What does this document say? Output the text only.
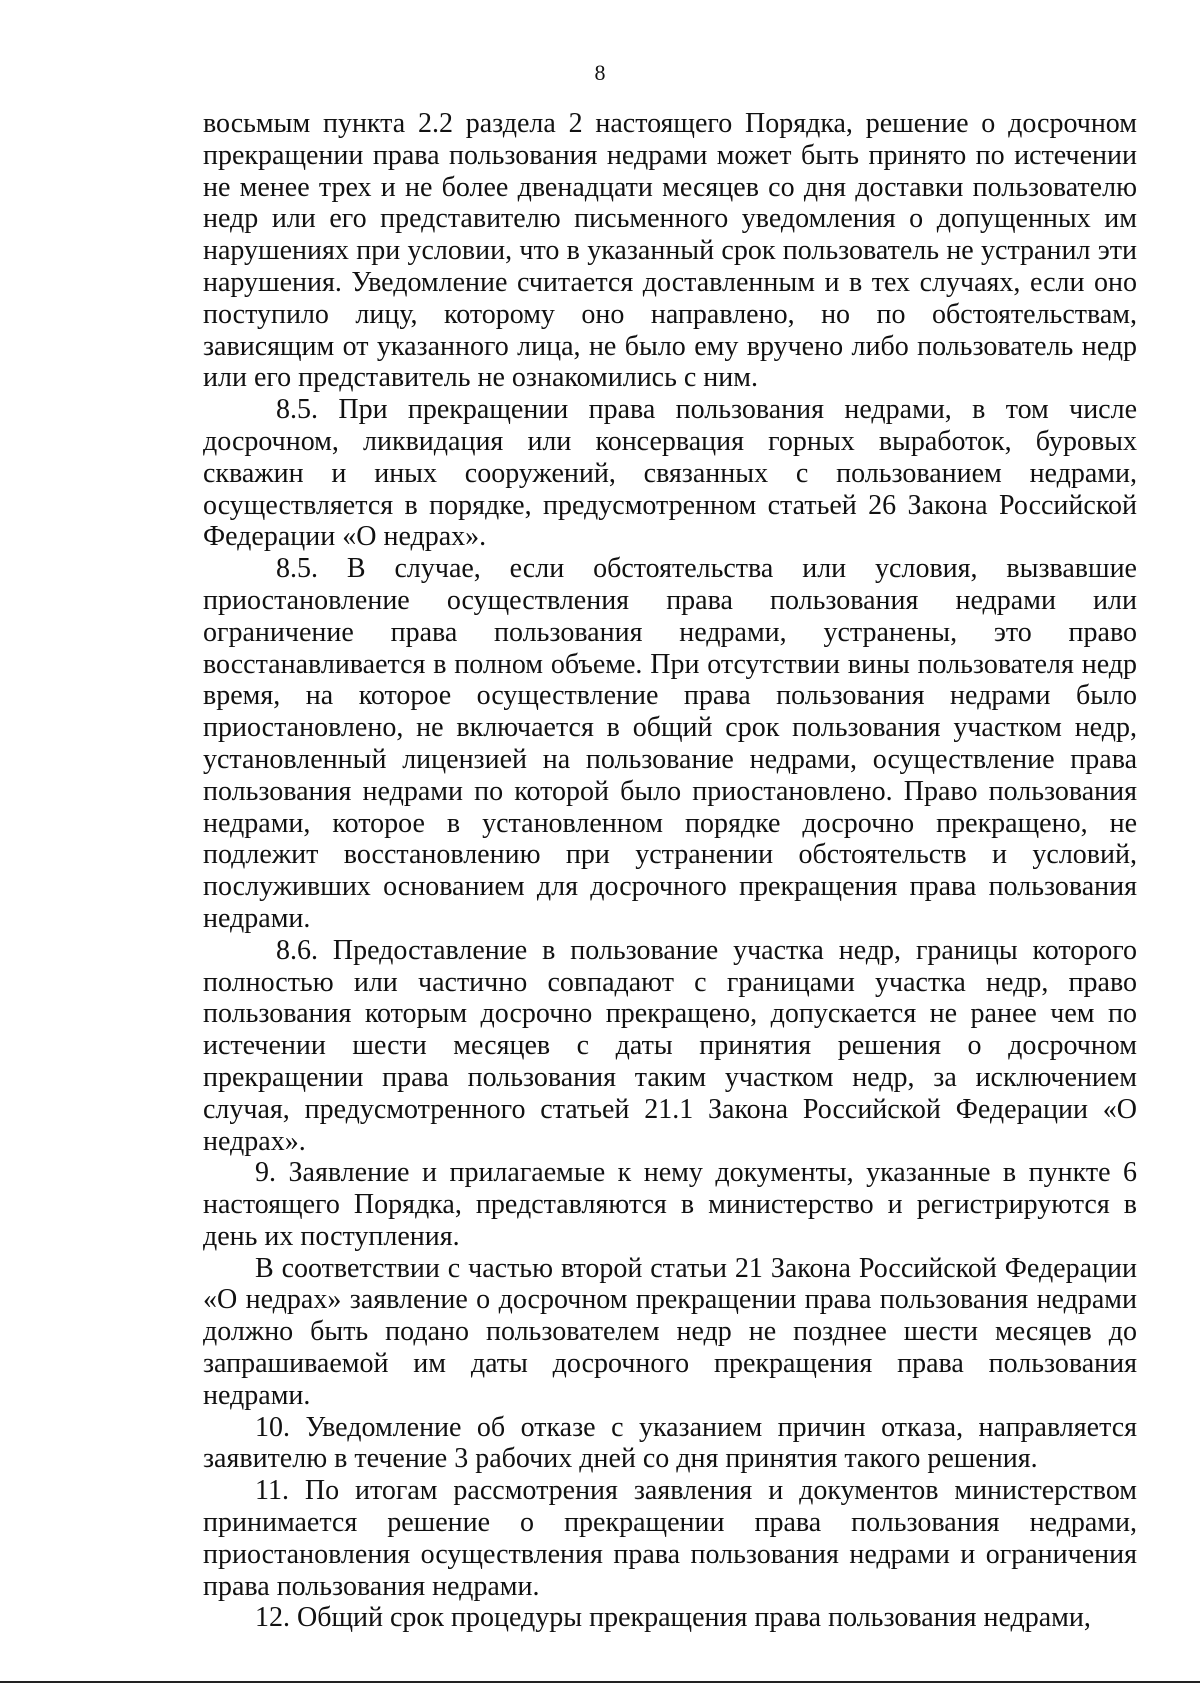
8

восьмым пункта 2.2 раздела 2 настоящего Порядка, решение о досрочном прекращении права пользования недрами может быть принято по истечении не менее трех и не более двенадцати месяцев со дня доставки пользователю недр или его представителю письменного уведомления о допущенных им нарушениях при условии, что в указанный срок пользователь не устранил эти нарушения. Уведомление считается доставленным и в тех случаях, если оно поступило лицу, которому оно направлено, но по обстоятельствам, зависящим от указанного лица, не было ему вручено либо пользователь недр или его представитель не ознакомились с ним.

8.5. При прекращении права пользования недрами, в том числе досрочном, ликвидация или консервация горных выработок, буровых скважин и иных сооружений, связанных с пользованием недрами, осуществляется в порядке, предусмотренном статьей 26 Закона Российской Федерации «О недрах».

8.5. В случае, если обстоятельства или условия, вызвавшие приостановление осуществления права пользования недрами или ограничение права пользования недрами, устранены, это право восстанавливается в полном объеме. При отсутствии вины пользователя недр время, на которое осуществление права пользования недрами было приостановлено, не включается в общий срок пользования участком недр, установленный лицензией на пользование недрами, осуществление права пользования недрами по которой было приостановлено. Право пользования недрами, которое в установленном порядке досрочно прекращено, не подлежит восстановлению при устранении обстоятельств и условий, послуживших основанием для досрочного прекращения права пользования недрами.

8.6. Предоставление в пользование участка недр, границы которого полностью или частично совпадают с границами участка недр, право пользования которым досрочно прекращено, допускается не ранее чем по истечении шести месяцев с даты принятия решения о досрочном прекращении права пользования таким участком недр, за исключением случая, предусмотренного статьей 21.1 Закона Российской Федерации «О недрах».

9. Заявление и прилагаемые к нему документы, указанные в пункте 6 настоящего Порядка, представляются в министерство и регистрируются в день их поступления.

В соответствии с частью второй статьи 21 Закона Российской Федерации «О недрах» заявление о досрочном прекращении права пользования недрами должно быть подано пользователем недр не позднее шести месяцев до запрашиваемой им даты досрочного прекращения права пользования недрами.

10. Уведомление об отказе с указанием причин отказа, направляется заявителю в течение 3 рабочих дней со дня принятия такого решения.

11. По итогам рассмотрения заявления и документов министерством принимается решение о прекращении права пользования недрами, приостановления осуществления права пользования недрами и ограничения права пользования недрами.

12. Общий срок процедуры прекращения права пользования недрами,
